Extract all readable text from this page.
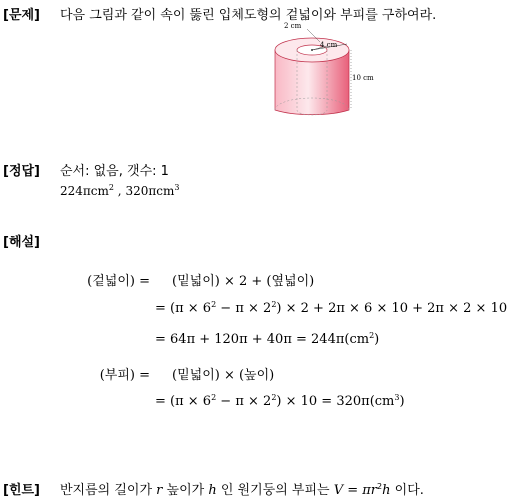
[문제] 다음 그림과 같이 속이 뚫린 입체도형의 겉넓이와 부피를 구하여라.
2 cm
4 cm
10 cm
[정답] 순서: 없음, 갯수: 1
224πcm$^2$ , 320πcm$^3$
[해설]
(겉넓이) = (밑넓이) × 2 + (옆넓이)
= $(\pi \times 6^2 - \pi \times 2^2) \times 2 + 2\pi \times 6 \times 10 + 2\pi \times 2 \times 10$
= $64\pi + 120\pi + 40\pi = 244\pi(cm^2)$
(부피) = (밑넓이) × (높이)
= $(\pi \times 6^2 - \pi \times 2^2) \times 10 = 320\pi(cm^3)$
[힌트] 반지름의 길이가 r 높이가 h 인 원기둥의 부피는 $V = \pi r^2h$ 이다.
